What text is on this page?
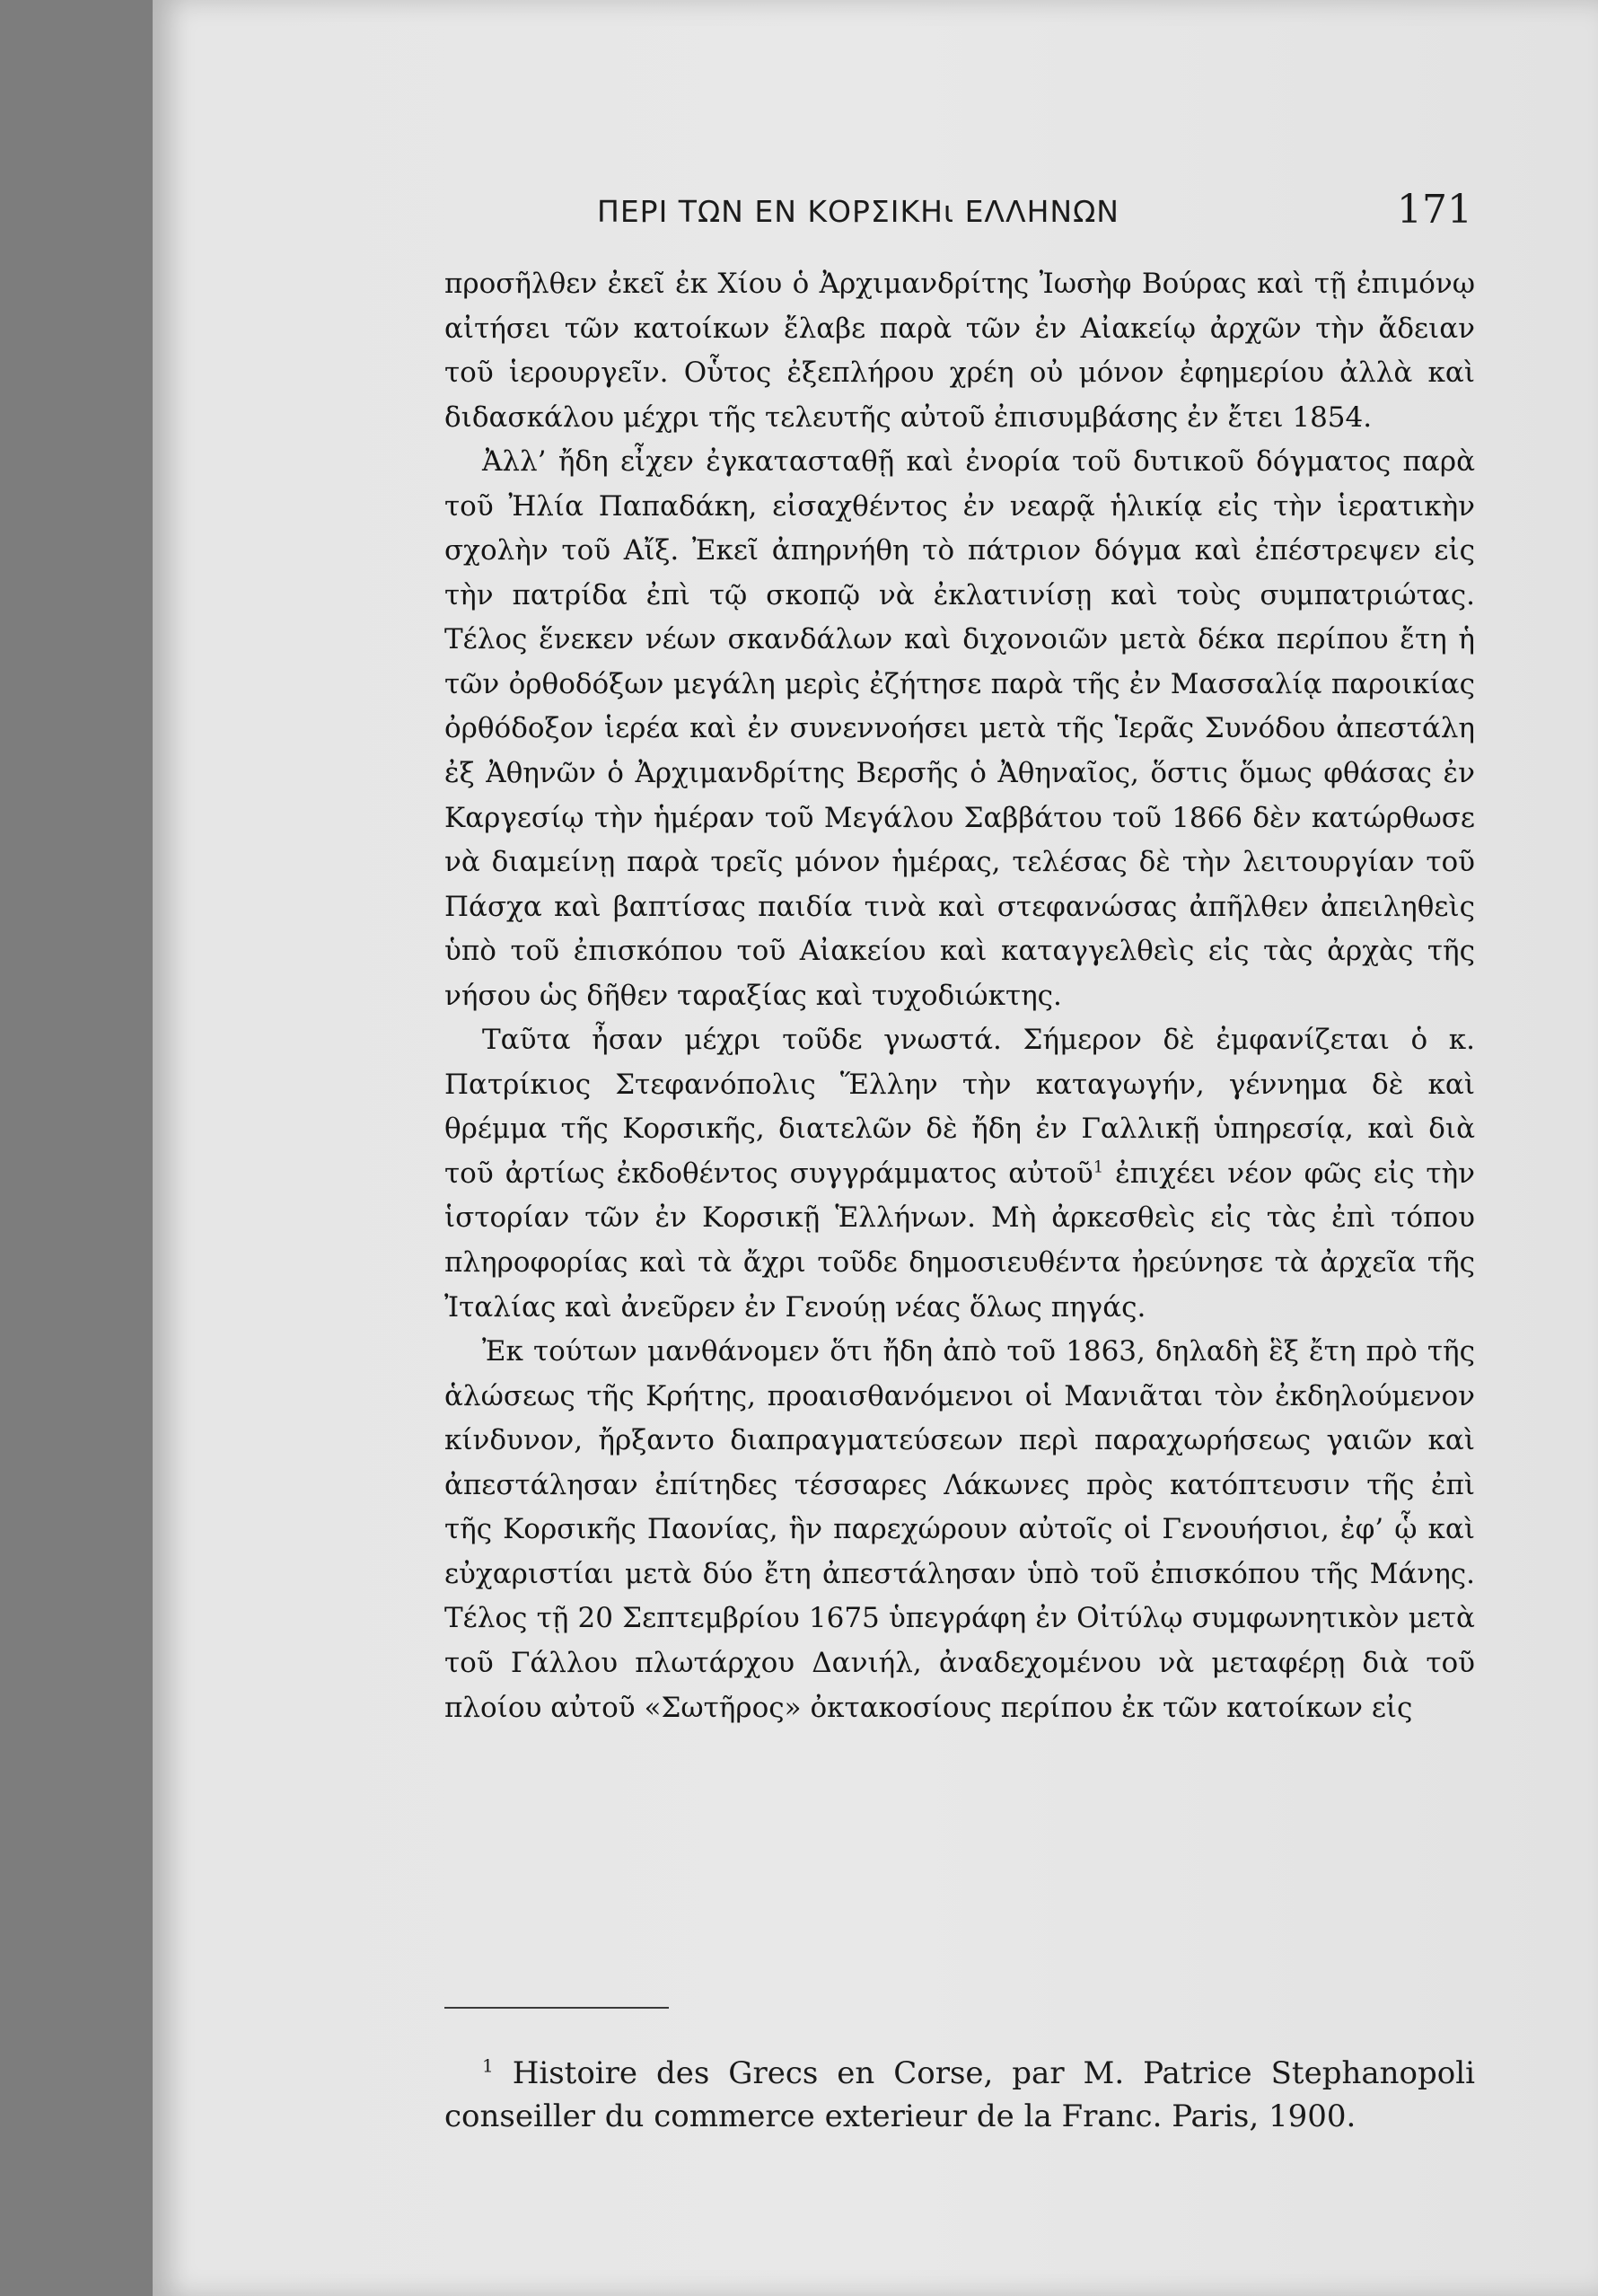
ΠΕΡΙ ΤΩΝ ΕΝ ΚΟΡΣΙΚΗι ΕΛΛΗΝΩΝ	171

προσῆλθεν ἐκεῖ ἐκ Χίου ὁ Ἀρχιμανδρίτης Ἰωσὴφ Βούρας καὶ τῇ ἐπιμόνῳ αἰτήσει τῶν κατοίκων ἔλαβε παρὰ τῶν ἐν Αἰακείῳ ἀρχῶν τὴν ἄδειαν τοῦ ἱερουργεῖν. Οὗτος ἐξεπλήρου χρέη οὐ μόνον ἐφημερίου ἀλλὰ καὶ διδασκάλου μέχρι τῆς τελευτῆς αὐτοῦ ἐπισυμβάσης ἐν ἔτει 1854.

Ἀλλ’ ἤδη εἶχεν ἐγκατασταθῇ καὶ ἐνορία τοῦ δυτικοῦ δόγματος παρὰ τοῦ Ἠλία Παπαδάκη, εἰσαχθέντος ἐν νεαρᾷ ἡλικίᾳ εἰς τὴν ἱερατικὴν σχολὴν τοῦ Αἴξ. Ἐκεῖ ἀπηρνήθη τὸ πάτριον δόγμα καὶ ἐπέστρεψεν εἰς τὴν πατρίδα ἐπὶ τῷ σκοπῷ νὰ ἐκλατινίσῃ καὶ τοὺς συμπατριώτας. Τέλος ἕνεκεν νέων σκανδάλων καὶ διχονοιῶν μετὰ δέκα περίπου ἔτη ἡ τῶν ὀρθοδόξων μεγάλη μερὶς ἐζήτησε παρὰ τῆς ἐν Μασσαλίᾳ παροικίας ὀρθόδοξον ἱερέα καὶ ἐν συνεννοήσει μετὰ τῆς Ἱερᾶς Συνόδου ἀπεστάλη ἐξ Ἀθηνῶν ὁ Ἀρχιμανδρίτης Βερσῆς ὁ Ἀθηναῖος, ὅστις ὅμως φθάσας ἐν Καργεσίῳ τὴν ἡμέραν τοῦ Μεγάλου Σαββάτου τοῦ 1866 δὲν κατώρθωσε νὰ διαμείνῃ παρὰ τρεῖς μόνον ἡμέρας, τελέσας δὲ τὴν λειτουργίαν τοῦ Πάσχα καὶ βαπτίσας παιδία τινὰ καὶ στεφανώσας ἀπῆλθεν ἀπειληθεὶς ὑπὸ τοῦ ἐπισκόπου τοῦ Αἰακείου καὶ καταγγελθεὶς εἰς τὰς ἀρχὰς τῆς νήσου ὡς δῆθεν ταραξίας καὶ τυχοδιώκτης.

Ταῦτα ἦσαν μέχρι τοῦδε γνωστά. Σήμερον δὲ ἐμφανίζεται ὁ κ. Πατρίκιος Στεφανόπολις Ἕλλην τὴν καταγωγήν, γέννημα δὲ καὶ θρέμμα τῆς Κορσικῆς, διατελῶν δὲ ἤδη ἐν Γαλλικῇ ὑπηρεσίᾳ, καὶ διὰ τοῦ ἀρτίως ἐκδοθέντος συγγράμματος αὐτοῦ$^1$ ἐπιχέει νέον φῶς εἰς τὴν ἱστορίαν τῶν ἐν Κορσικῇ Ἑλλήνων. Μὴ ἀρκεσθεὶς εἰς τὰς ἐπὶ τόπου πληροφορίας καὶ τὰ ἄχρι τοῦδε δημοσιευθέντα ἠρεύνησε τὰ ἀρχεῖα τῆς Ἰταλίας καὶ ἀνεῦρεν ἐν Γενούῃ νέας ὅλως πηγάς.

Ἐκ τούτων μανθάνομεν ὅτι ἤδη ἀπὸ τοῦ 1863, δηλαδὴ ἓξ ἔτη πρὸ τῆς ἁλώσεως τῆς Κρήτης, προαισθανόμενοι οἱ Μανιᾶται τὸν ἐκδηλούμενον κίνδυνον, ἤρξαντο διαπραγματεύσεων περὶ παραχωρήσεως γαιῶν καὶ ἀπεστάλησαν ἐπίτηδες τέσσαρες Λάκωνες πρὸς κατόπτευσιν τῆς ἐπὶ τῆς Κορσικῆς Παονίας, ἣν παρεχώρουν αὐτοῖς οἱ Γενουήσιοι, ἐφ’ ᾧ καὶ εὐχαριστίαι μετὰ δύο ἔτη ἀπεστάλησαν ὑπὸ τοῦ ἐπισκόπου τῆς Μάνης. Τέλος τῇ 20 Σεπτεμβρίου 1675 ὑπεγράφη ἐν Οἰτύλῳ συμφωνητικὸν μετὰ τοῦ Γάλλου πλωτάρχου Δανιήλ, ἀναδεχομένου νὰ μεταφέρῃ διὰ τοῦ πλοίου αὐτοῦ «Σωτῆρος» ὀκτακοσίους περίπου ἐκ τῶν κατοίκων εἰς

$^1$ Histoire des Grecs en Corse, par M. Patrice Stephanopoli conseiller du commerce exterieur de la Franc. Paris, 1900.
